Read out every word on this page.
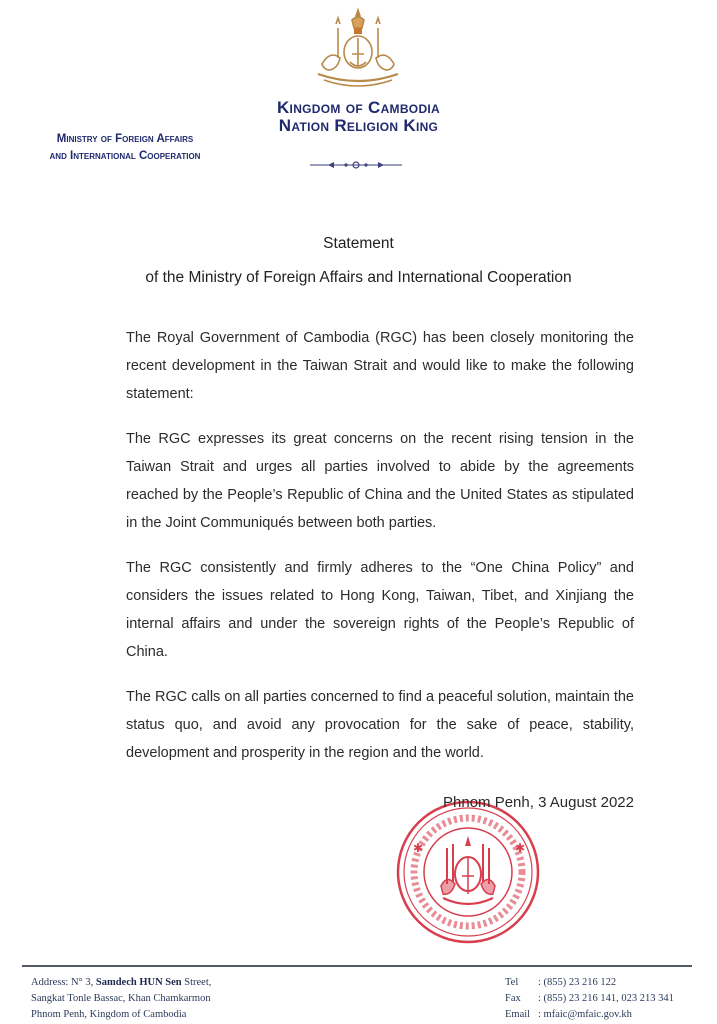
Kingdom of Cambodia
Nation Religion King
Ministry of Foreign Affairs
and International Cooperation
Statement
of the Ministry of Foreign Affairs and International Cooperation

The Royal Government of Cambodia (RGC) has been closely monitoring the recent development in the Taiwan Strait and would like to make the following statement:

The RGC expresses its great concerns on the recent rising tension in the Taiwan Strait and urges all parties involved to abide by the agreements reached by the People’s Republic of China and the United States as stipulated in the Joint Communiqués between both parties.

The RGC consistently and firmly adheres to the “One China Policy” and considers the issues related to Hong Kong, Taiwan, Tibet, and Xinjiang the internal affairs and under the sovereign rights of the People’s Republic of China.

The RGC calls on all parties concerned to find a peaceful solution, maintain the status quo, and avoid any provocation for the sake of peace, stability, development and prosperity in the region and the world.

✱	✱
Phnom Penh, 3 August 2022
Address: N° 3, Samdech HUN Sen Street,
Sangkat Tonle Bassac, Khan Chamkarmon
Phnom Penh, Kingdom of Cambodia
Tel	: (855) 23 216 122
Fax	: (855) 23 216 141, 023 213 341
Email : mfaic@mfaic.gov.kh
